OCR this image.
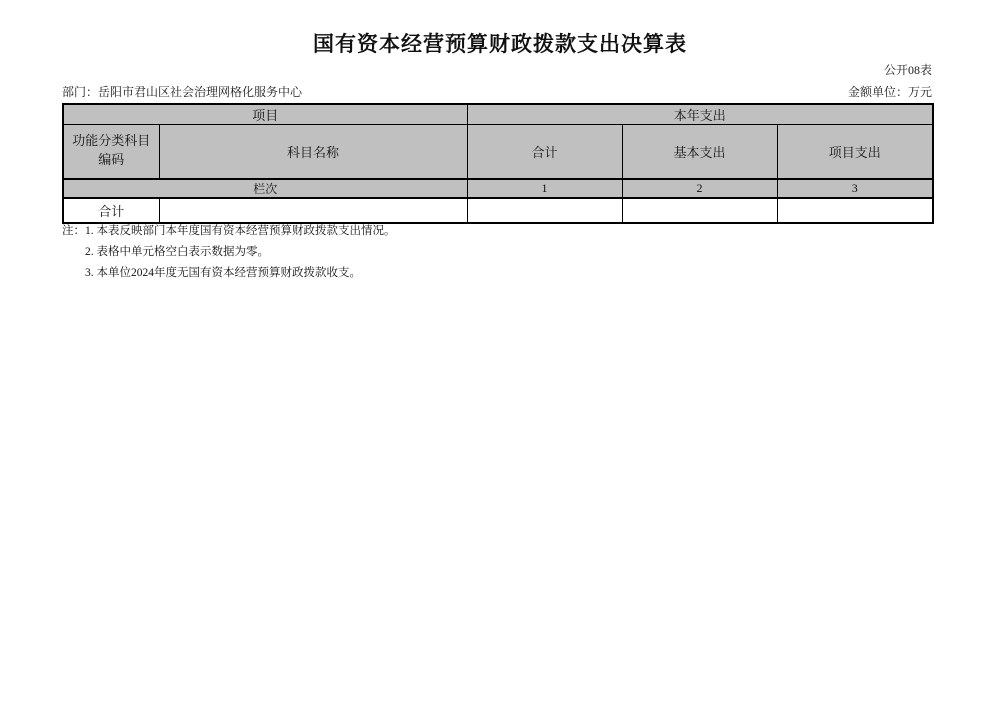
国有资本经营预算财政拨款支出决算表
公开08表
部门：岳阳市君山区社会治理网格化服务中心	金额单位：万元
项目		本年支出		

功能分类科目
编码	科目名称	合计	基本支出	项目支出
栏次		1	2	3
合计				
注：1. 本表反映部门本年度国有资本经营预算财政拨款支出情况。
2. 表格中单元格空白表示数据为零。
3. 本单位2024年度无国有资本经营预算财政拨款收支。
